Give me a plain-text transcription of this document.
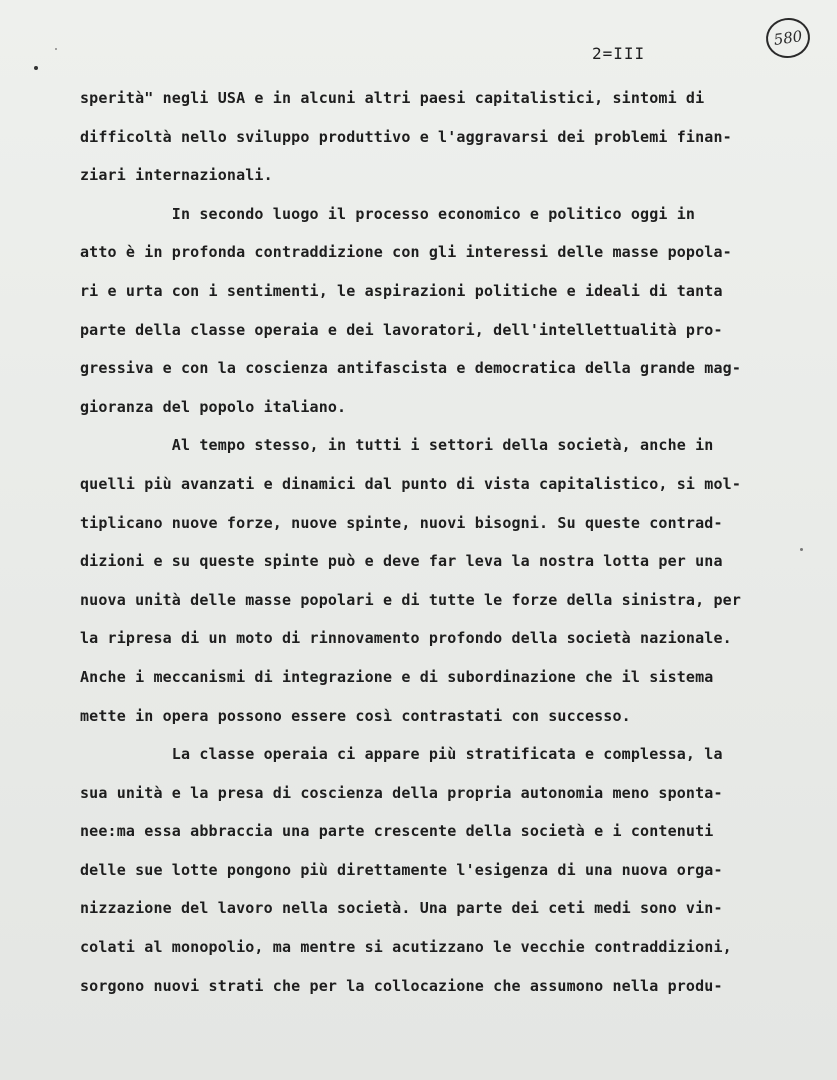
580
2=III
sperità" negli USA e in alcuni altri paesi capitalistici, sintomi di
difficoltà nello sviluppo produttivo e l'aggravarsi dei problemi finan-
ziari internazionali.
In secondo luogo il processo economico e politico oggi in
atto è in profonda contraddizione con gli interessi delle masse popola-
ri e urta con i sentimenti, le aspirazioni politiche e ideali di tanta
parte della classe operaia e dei lavoratori, dell'intellettualità pro-
gressiva e con la coscienza antifascista e democratica della grande mag-
gioranza del popolo italiano.
Al tempo stesso, in tutti i settori della società, anche in
quelli più avanzati e dinamici dal punto di vista capitalistico, si mol-
tiplicano nuove forze, nuove spinte, nuovi bisogni. Su queste contrad-
dizioni e su queste spinte può e deve far leva la nostra lotta per una
nuova unità delle masse popolari e di tutte le forze della sinistra, per
la ripresa di un moto di rinnovamento profondo della società nazionale.
Anche i meccanismi di integrazione e di subordinazione che il sistema
mette in opera possono essere così contrastati con successo.
La classe operaia ci appare più stratificata e complessa, la
sua unità e la presa di coscienza della propria autonomia meno sponta-
nee:ma essa abbraccia una parte crescente della società e i contenuti
delle sue lotte pongono più direttamente l'esigenza di una nuova orga-
nizzazione del lavoro nella società. Una parte dei ceti medi sono vin-
colati al monopolio, ma mentre si acutizzano le vecchie contraddizioni,
sorgono nuovi strati che per la collocazione che assumono nella produ-
